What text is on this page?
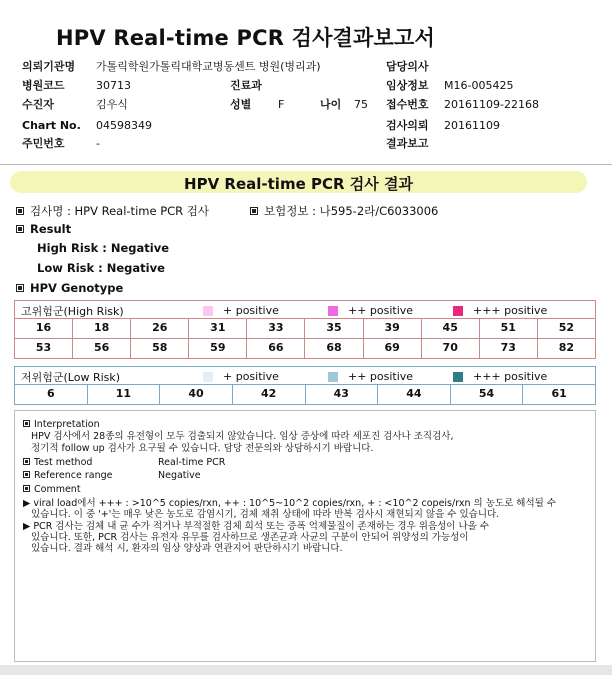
HPV Real-time PCR 검사결과보고서
의뢰기관명 가톨릭학원가톨릭대학교병동센트 병원(병리과)
병원코드	30713
수진자	김우식
Chart No. 04598349
주민번호	-
진료과
성별 F	나이 75
담당의사
임상정보 M16-005425
접수번호 20161109-22168
검사의뢰 20161109
결과보고
HPV Real-time PCR 검사 결과
검사명 : HPV Real-time PCR 검사	보험정보 : 나595-2라/C6033006
Result
High Risk : Negative
Low Risk : Negative
HPV Genotype
고위험군(High Risk)	+ positive	++ positive	+++ positive
16	18	26	31	33	35	39	45	51	52
53	56	58	59	66	68	69	70	73	82
저위험군(Low Risk)	+ positive	++ positive	+++ positive
6	11	40	42	43	44	54	61
Interpretation
HPV 검사에서 28종의 유전형이 모두 검출되지 않았습니다. 임상 증상에 따라 세포진 검사나 조직검사,
정기적 follow up 검사가 요구될 수 있습니다. 담당 전문의와 상담하시기 바랍니다.
Test method	Real-time PCR
Reference range	Negative
Comment
▶ viral load에서 +++ : >10^5 copies/rxn, ++ : 10^5~10^2 copies/rxn, + : <10^2 copeis/rxn 의 농도로 해석될 수
있습니다. 이 중 '+'는 매우 낮은 농도로 감염시기, 검체 채취 상태에 따라 반복 검사시 재현되지 않을 수 있습니다.
▶ PCR 검사는 검체 내 균 수가 적거나 부적절한 검체 희석 또는 증폭 억제물질이 존재하는 경우 위음성이 나올 수
있습니다. 또한, PCR 검사는 유전자 유무를 검사하므로 생존균과 사균의 구분이 안되어 위양성의 가능성이
있습니다. 결과 해석 시, 환자의 임상 양상과 연관지어 판단하시기 바랍니다.
